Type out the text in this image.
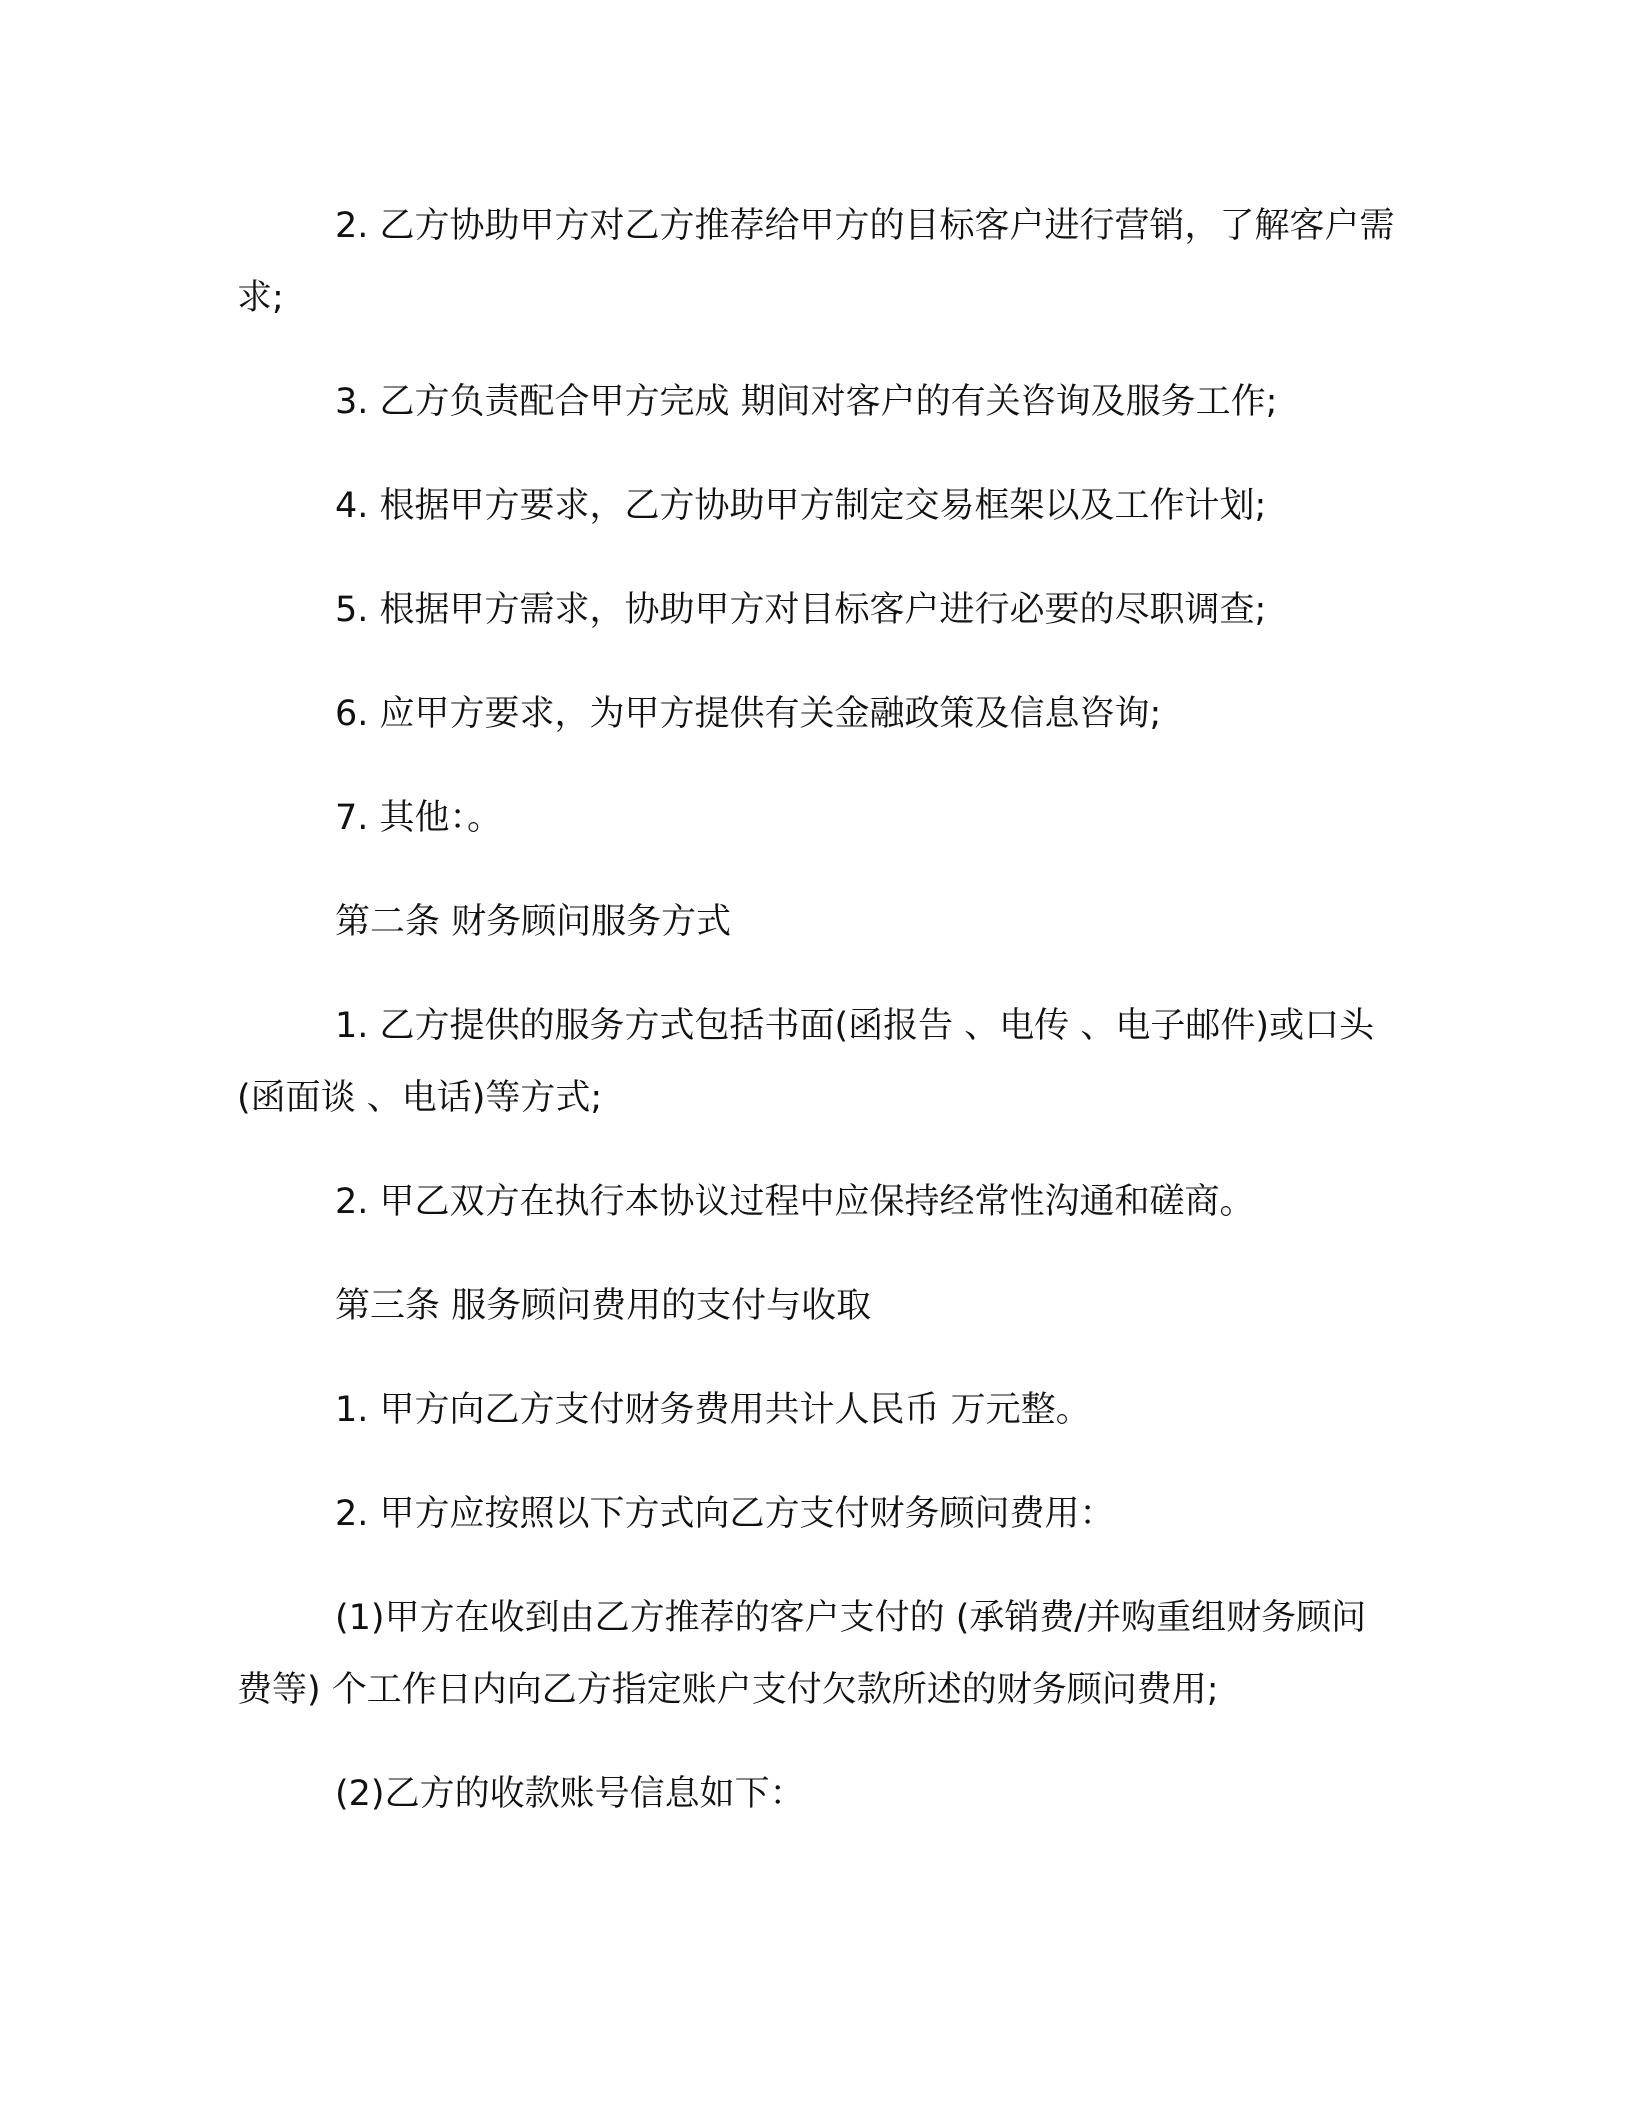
2. 乙方协助甲方对乙方推荐给甲方的目标客户进行营销，了解客户需求;

3. 乙方负责配合甲方完成 期间对客户的有关咨询及服务工作;

4. 根据甲方要求，乙方协助甲方制定交易框架以及工作计划;

5. 根据甲方需求，协助甲方对目标客户进行必要的尽职调查;

6. 应甲方要求，为甲方提供有关金融政策及信息咨询;

7. 其他：。

第二条 财务顾问服务方式

1. 乙方提供的服务方式包括书面(函报告 、电传 、电子邮件)或口头(函面谈 、电话)等方式;

2. 甲乙双方在执行本协议过程中应保持经常性沟通和磋商。

第三条 服务顾问费用的支付与收取

1. 甲方向乙方支付财务费用共计人民币 万元整。

2. 甲方应按照以下方式向乙方支付财务顾问费用：

(1)甲方在收到由乙方推荐的客户支付的 (承销费/并购重组财务顾问费等) 个工作日内向乙方指定账户支付欠款所述的财务顾问费用;

(2)乙方的收款账号信息如下：
